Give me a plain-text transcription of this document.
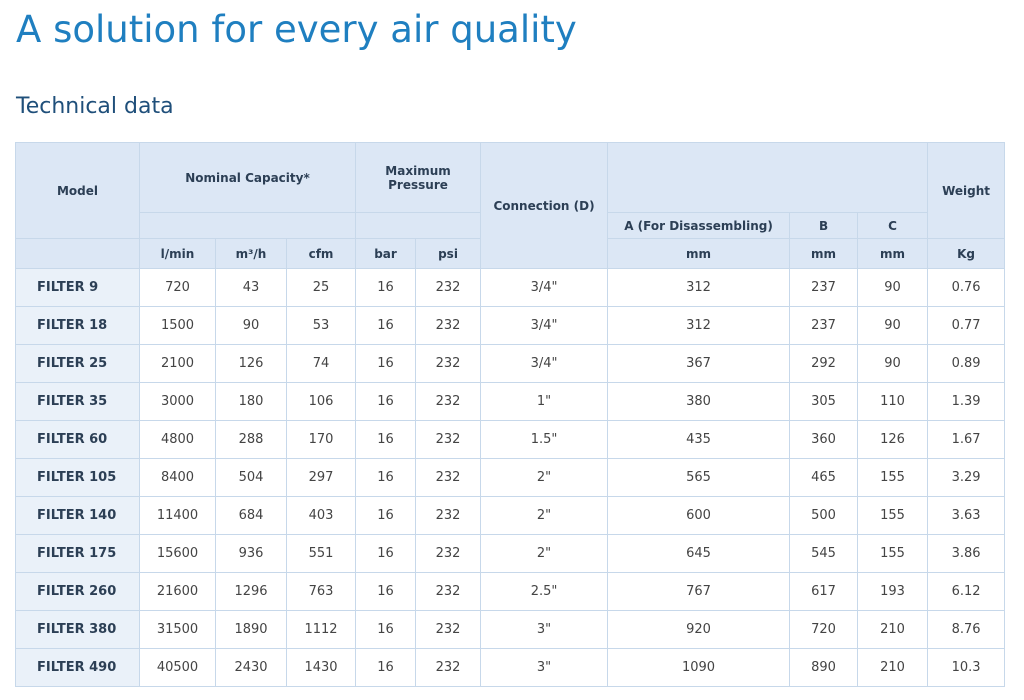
A solution for every air quality
Technical data
Model	Nominal Capacity*			Maximum Pressure		Connection (D)				Weight
							A (For Disassembling)	B	C	
	l/min	m³/h	cfm	bar	psi		mm	mm	mm	Kg
FILTER 9	720	43	25	16	232	3/4"	312	237	90	0.76
FILTER 18	1500	90	53	16	232	3/4"	312	237	90	0.77
FILTER 25	2100	126	74	16	232	3/4"	367	292	90	0.89
FILTER 35	3000	180	106	16	232	1"	380	305	110	1.39
FILTER 60	4800	288	170	16	232	1.5"	435	360	126	1.67
FILTER 105	8400	504	297	16	232	2"	565	465	155	3.29
FILTER 140	11400	684	403	16	232	2"	600	500	155	3.63
FILTER 175	15600	936	551	16	232	2"	645	545	155	3.86
FILTER 260	21600	1296	763	16	232	2.5"	767	617	193	6.12
FILTER 380	31500	1890	1112	16	232	3"	920	720	210	8.76
FILTER 490	40500	2430	1430	16	232	3"	1090	890	210	10.3
